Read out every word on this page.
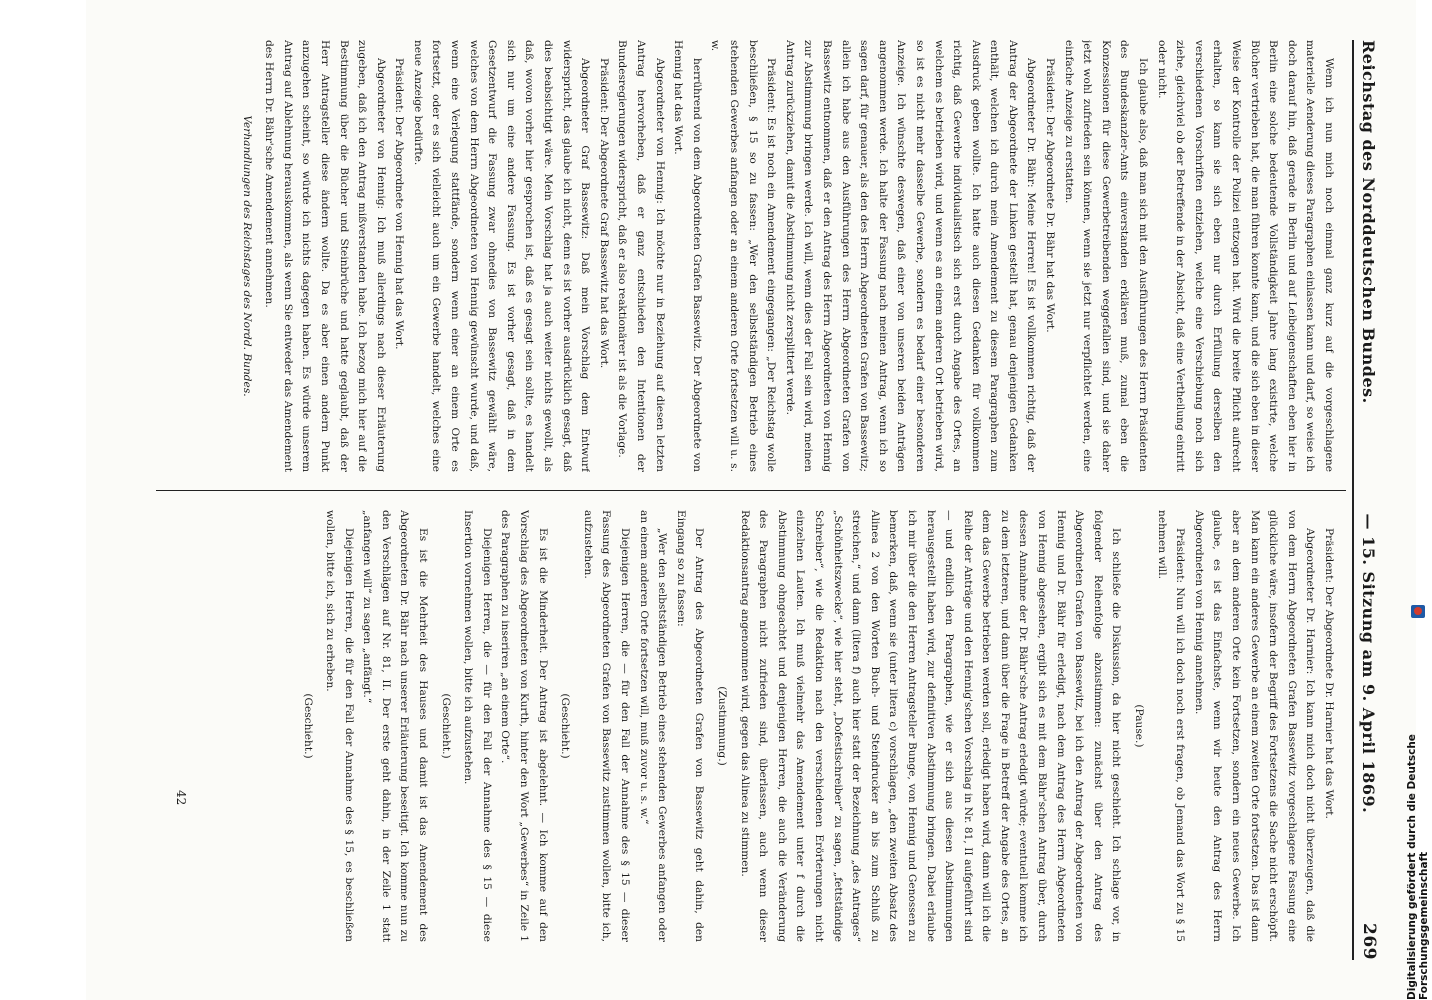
Reichstag des Norddeutschen Bundes.
— 15. Sitzung am 9. April 1869.
269

Wenn ich nun mich noch einmal ganz kurz auf die vorgeschlagene materielle Aenderung dieses Paragraphen einlassen kann und darf, so weise ich doch darauf hin, daß gerade in Berlin und auf Leibeigenschaften eben hier in Berlin eine solche bedeutende Vollständigkeit Jahre lang existirte, welche Bücher vertrieben hat, die man führen konnte kann, und die sich eben in dieser Weise der Kontrolle der Polizei entzogen hat. Wird die breite Pflicht aufrecht erhalten, so kann sie sich eben nur durch Erfüllung derselben den verschiedenen Vorschriften entziehen, welche eine Verschiebung noch sich ziehe, gleichviel ob der Betreffende in der Absicht, daß eine Vertheilung eintritt oder nicht.

Ich glaube also, daß man sich mit den Ausführungen des Herrn Präsidenten des Bundeskanzler-Amts einverstanden erklären muß, zumal eben die Konzessionen für diese Gewerbetreibenden weggefallen sind, und sie daher jetzt wohl zufrieden sein können, wenn sie jetzt nur verpflichtet werden, eine einfache Anzeige zu erstatten.

Präsident: Der Abgeordnete Dr. Bähr hat das Wort.

Abgeordneter Dr. Bähr: Meine Herren! Es ist vollkommen richtig, daß der Antrag der Abgeordnete der Linken gestellt hat, genau denjenigen Gedanken enthält, welchen ich durch mein Amendement zu diesem Paragraphen zum Ausdruck geben wollte. Ich hatte auch diesen Gedanken für vollkommen richtig, daß Gewerbe individualistisch sich erst durch Angabe des Ortes, an welchem es betrieben wird, und wenn es an einem anderen Ort betrieben wird, so ist es nicht mehr dasselbe Gewerbe, sondern es bedarf einer besonderen Anzeige. Ich wünschte deswegen, daß einer von unseren beiden Anträgen angenommen werde. Ich halte der Fassung nach meinen Antrag, wenn ich so sagen darf, für genauer, als den des Herrn Abgeordneten Grafen von Bassewitz; allein ich habe aus den Ausführungen des Herrn Abgeordneten Grafen von Bassewitz entnommen, daß er den Antrag des Herrn Abgeordneten von Hennig zur Abstimmung bringen werde. Ich will, wenn dies der Fall sein wird, meinen Antrag zurückziehen, damit die Abstimmung nicht zersplittert werde.

Präsident: Es ist noch ein Amendement eingegangen: „Der Reichstag wolle beschließen, § 15 so zu fassen: „Wer den selbstständigen Betrieb eines stehenden Gewerbes anfangen oder an einem anderen Orte fortsetzen will u. s. w.

herrührend von dem Abgeordneten Grafen Bassewitz. Der Abgeordnete von Hennig hat das Wort.

Abgeordneter von Hennig: Ich möchte nur in Beziehung auf diesen letzten Antrag hervorheben, daß er ganz entschieden den Intentionen der Bundesregierungen widerspricht, daß er also reaktionärer ist als die Vorlage.

Präsident: Der Abgeordnete Graf Bassewitz hat das Wort.

Abgeordneter Graf Bassewitz: Daß mein Vorschlag dem Entwurf widerspricht, das glaube ich nicht, denn es ist vorher ausdrücklich gesagt, daß dies beabsichtigt wäre. Mein Vorschlag hat ja auch weiter nichts gewollt, als daß, wovon vorher hier gesprochen ist, daß es gesagt sein sollte, es handelt sich nur um eine andere Fassung. Es ist vorher gesagt, daß in dem Gesetzentwurf die Fassung zwar ohnedies von Bassewitz gewählt wäre, welches von dem Herrn Abgeordneten von Hennig gewünscht wurde, und daß, wenn eine Verlegung stattfände, sondern wenn einer an einem Orte es fortsetzt, oder es sich vielleicht auch um ein Gewerbe handelt, welches eine neue Anzeige bedürfte.

Präsident: Der Abgeordnete von Hennig hat das Wort.

Abgeordneter von Hennig: Ich muß allerdings nach dieser Erläuterung zugeben, daß ich den Antrag mißverstanden habe. Ich bezog mich hier auf die Bestimmung über die Bücher und Steinbrüche und hatte geglaubt, daß der Herr Antragsteller diese ändern wollte. Da es aber einen andern Punkt anzugehen scheint, so würde ich nichts dagegen haben. Es würde unserem Antrag auf Ablehnung herauskommen, als wenn Sie entweder das Amendement des Herrn Dr. Bähr'sche Amendement annehmen.

Verhandlungen des Reichstages des Nordd. Bundes.

Präsident: Der Abgeordnete Dr. Harnier hat das Wort.

Abgeordneter Dr. Harnier: Ich kann mich doch nicht überzeugen, daß die von dem Herrn Abgeordneten Grafen Bassewitz vorgeschlagene Fassung eine glückliche wäre, insofern der Begriff des Fortsetzens die Sache nicht erschöpft. Man kann ein anderes Gewerbe an einem zweiten Orte fortsetzen. Das ist dann aber an dem anderen Orte kein Fortsetzen, sondern ein neues Gewerbe. Ich glaube, es ist das Einfachste, wenn wir heute den Antrag des Herrn Abgeordneten von Hennig annehmen.

Präsident: Nun will ich doch noch erst fragen, ob Jemand das Wort zu § 15 nehmen will.

(Pause.)

Ich schließe die Diskussion, da hier nicht geschieht. Ich schlage vor, in folgender Reihenfolge abzustimmen: zunächst über den Antrag des Abgeordneten Grafen von Bassewitz, bei ich den Antrag der Abgeordneten von Hennig und Dr. Bähr für erledigt, nach dem Antrag des Herrn Abgeordneten von Hennig abgesehen, ergibt sich es mit dem Bähr'schen Antrag über, durch dessen Annahme der Dr. Bähr'sche Antrag erledigt würde; eventuell komme ich zu dem letzteren, und dann über die Frage in Betreff der Angabe des Ortes, an dem das Gewerbe betrieben werden soll, erledigt haben wird, dann will ich die Reihe der Anträge und den Hennig'schen Vorschlag in Nr. 81, II aufgeführt sind — und endlich den Paragraphen, wie er sich aus diesen Abstimmungen herausgestellt haben wird, zur definitiven Abstimmung bringen. Dabei erlaube ich mir über die den Herren Antragsteller Bunge, von Hennig und Genossen zu bemerken, daß, wenn sie (unter litera c) vorschlagen, „den zweiten Absatz des Alinea 2 von den Worten Buch- und Steindrucker an bis zum Schluß zu streichen,“ und dann (litera f) auch hier statt der Bezeichnung „des Antrages“ „Schönheitszwecke“, wie hier steht, „Dofestischreiber“ zu sagen, „fettständige Schreiber“, wie die Redaktion nach den verschiedenen Erörterungen nicht einzelnen Lauten. Ich muß vielmehr das Amendement unter f durch die Abstimmung ohngeachtet und denjenigen Herren, die auch die Veränderung des Paragraphen nicht zufrieden sind, überlassen, auch wenn dieser Redaktionsantrag angenommen wird, gegen das Alinea zu stimmen.

(Zustimmung.)

Der Antrag des Abgeordneten Grafen von Bassewitz geht dahin, den Eingang so zu fassen:

„Wer den selbstständigen Betrieb eines stehenden Gewerbes anfangen oder an einem anderen Orte fortsetzen will, muß zuvor u. s. w.“

Diejenigen Herren, die — für den Fall der Annahme des § 15 — dieser Fassung des Abgeordneten Grafen von Bassewitz zustimmen wollen, bitte ich, aufzustehen.

(Geschieht.)

Es ist die Minderheit. Der Antrag ist abgelehnt. — Ich komme auf den Vorschlag des Abgeordneten von Kurth, hinter den Wort „Gewerbes“ in Zeile 1 des Paragraphen zu inseriren „an einem Orte“.

Diejenigen Herren, die — für den Fall der Annahme des § 15 — diese Insertion vornehmen wollen, bitte ich aufzustehen.

(Geschieht.)

Es ist die Mehrheit des Hauses und damit ist das Amendement des Abgeordneten Dr. Bähr nach unserer Erläuterung beseitigt. Ich komme nun zu den Verschlägen auf Nr. 81, II. Der erste geht dahin, in der Zeile 1 statt „anfangen will“ zu sagen „anfängt.“

Diejenigen Herren, die für den Fall der Annahme des § 15, es beschließen wollen, bitte ich, sich zu erheben.

(Geschieht.)

42	Digitalisierung gefördert durch die Deutsche Forschungsgemeinschaft
